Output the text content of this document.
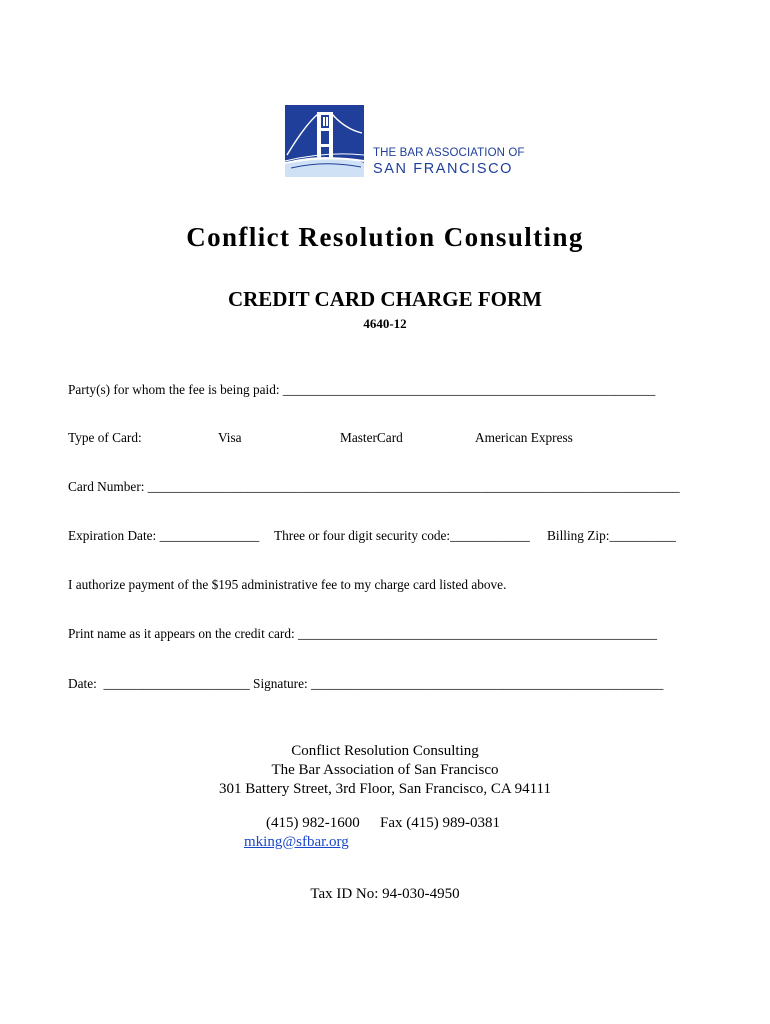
THE BAR ASSOCIATION OF
SAN FRANCISCO
Conflict Resolution Consulting
CREDIT CARD CHARGE FORM
4640-12
Party(s) for whom the fee is being paid: ________________________________________________________
Type of Card:	Visa	MasterCard	American Express
Card Number: ________________________________________________________________________________
Expiration Date: _______________ Three or four digit security code:____________ Billing Zip:__________
I authorize payment of the $195 administrative fee to my charge card listed above.
Print name as it appears on the credit card: ______________________________________________________
Date: ______________________ Signature: _____________________________________________________
Conflict Resolution Consulting
The Bar Association of San Francisco
301 Battery Street, 3rd Floor, San Francisco, CA 94111
(415) 982-1600 Fax (415) 989-0381
mking@sfbar.org
Tax ID No: 94-030-4950
